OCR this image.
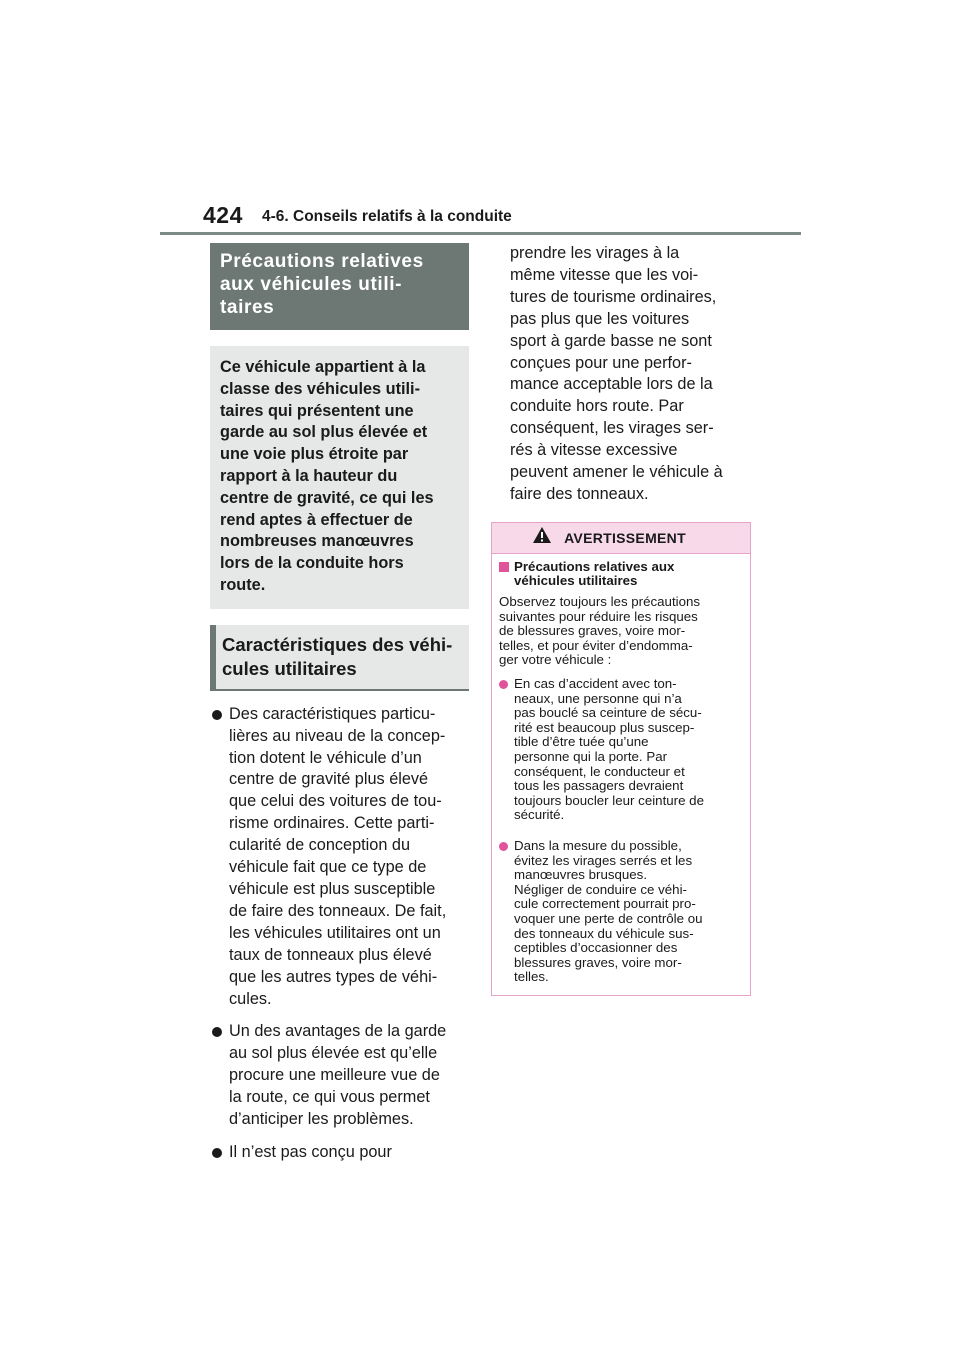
424 4-6. Conseils relatifs à la conduite
Précautions relatives
aux véhicules utili-
taires
Ce véhicule appartient à la
classe des véhicules utili-
taires qui présentent une
garde au sol plus élevée et
une voie plus étroite par
rapport à la hauteur du
centre de gravité, ce qui les
rend aptes à effectuer de
nombreuses manœuvres
lors de la conduite hors
route.
Caractéristiques des véhi-
cules utilitaires
Des caractéristiques particu-
lières au niveau de la concep-
tion dotent le véhicule d’un
centre de gravité plus élevé
que celui des voitures de tou-
risme ordinaires. Cette parti-
cularité de conception du
véhicule fait que ce type de
véhicule est plus susceptible
de faire des tonneaux. De fait,
les véhicules utilitaires ont un
taux de tonneaux plus élevé
que les autres types de véhi-
cules.
Un des avantages de la garde
au sol plus élevée est qu’elle
procure une meilleure vue de
la route, ce qui vous permet
d’anticiper les problèmes.
Il n’est pas conçu pour
prendre les virages à la
même vitesse que les voi-
tures de tourisme ordinaires,
pas plus que les voitures
sport à garde basse ne sont
conçues pour une perfor-
mance acceptable lors de la
conduite hors route. Par
conséquent, les virages ser-
rés à vitesse excessive
peuvent amener le véhicule à
faire des tonneaux.
AVERTISSEMENT
Précautions relatives aux
véhicules utilitaires
Observez toujours les précautions
suivantes pour réduire les risques
de blessures graves, voire mor-
telles, et pour éviter d’endomma-
ger votre véhicule :
En cas d’accident avec ton-
neaux, une personne qui n’a
pas bouclé sa ceinture de sécu-
rité est beaucoup plus suscep-
tible d’être tuée qu’une
personne qui la porte. Par
conséquent, le conducteur et
tous les passagers devraient
toujours boucler leur ceinture de
sécurité.
Dans la mesure du possible,
évitez les virages serrés et les
manœuvres brusques.
Négliger de conduire ce véhi-
cule correctement pourrait pro-
voquer une perte de contrôle ou
des tonneaux du véhicule sus-
ceptibles d’occasionner des
blessures graves, voire mor-
telles.
